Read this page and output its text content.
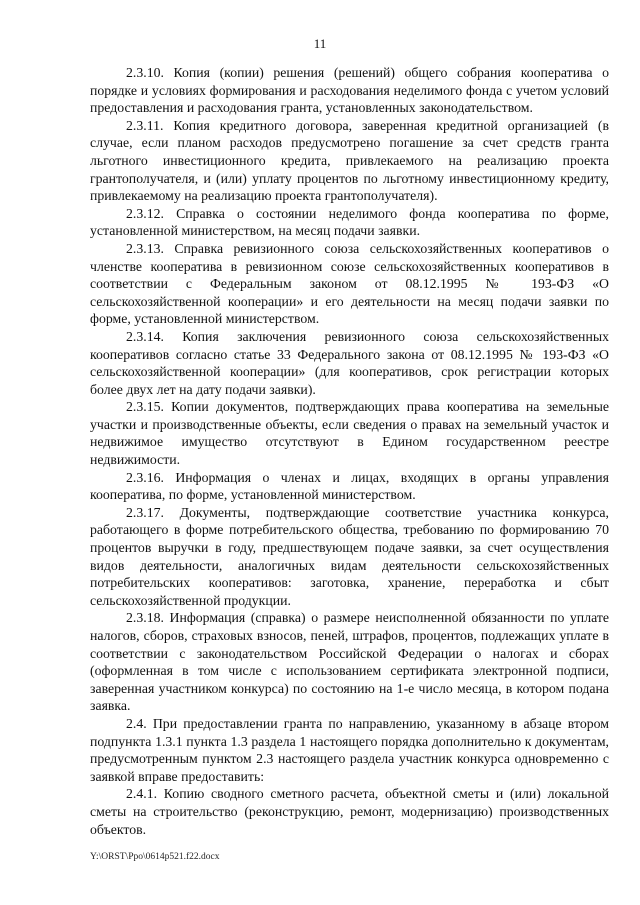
11

2.3.10. Копия (копии) решения (решений) общего собрания кооператива о порядке и условиях формирования и расходования неделимого фонда с учетом условий предоставления и расходования гранта, установленных законодательством.

2.3.11. Копия кредитного договора, заверенная кредитной организацией (в случае, если планом расходов предусмотрено погашение за счет средств гранта льготного инвестиционного кредита, привлекаемого на реализацию проекта грантополучателя, и (или) уплату процентов по льготному инвестиционному кредиту, привлекаемому на реализацию проекта грантополучателя).

2.3.12. Справка о состоянии неделимого фонда кооператива по форме, установленной министерством, на месяц подачи заявки.

2.3.13. Справка ревизионного союза сельскохозяйственных кооперативов о членстве кооператива в ревизионном союзе сельскохозяйственных кооперативов в соответствии с Федеральным законом от 08.12.1995 № 193-ФЗ «О сельскохозяйственной кооперации» и его деятельности на месяц подачи заявки по форме, установленной министерством.

2.3.14. Копия заключения ревизионного союза сельскохозяйственных кооперативов согласно статье 33 Федерального закона от 08.12.1995 № 193-ФЗ «О сельскохозяйственной кооперации» (для кооперативов, срок регистрации которых более двух лет на дату подачи заявки).

2.3.15. Копии документов, подтверждающих права кооператива на земельные участки и производственные объекты, если сведения о правах на земельный участок и недвижимое имущество отсутствуют в Едином государственном реестре недвижимости.

2.3.16. Информация о членах и лицах, входящих в органы управления кооператива, по форме, установленной министерством.

2.3.17. Документы, подтверждающие соответствие участника конкурса, работающего в форме потребительского общества, требованию по формированию 70 процентов выручки в году, предшествующем подаче заявки, за счет осуществления видов деятельности, аналогичных видам деятельности сельскохозяйственных потребительских кооперативов: заготовка, хранение, переработка и сбыт сельскохозяйственной продукции.

2.3.18. Информация (справка) о размере неисполненной обязанности по уплате налогов, сборов, страховых взносов, пеней, штрафов, процентов, подлежащих уплате в соответствии с законодательством Российской Федерации о налогах и сборах (оформленная в том числе с использованием сертификата электронной подписи, заверенная участником конкурса) по состоянию на 1-е число месяца, в котором подана заявка.

2.4. При предоставлении гранта по направлению, указанному в абзаце втором подпункта 1.3.1 пункта 1.3 раздела 1 настоящего порядка дополнительно к документам, предусмотренным пунктом 2.3 настоящего раздела участник конкурса одновременно с заявкой вправе предоставить:

2.4.1. Копию сводного сметного расчета, объектной сметы и (или) локальной сметы на строительство (реконструкцию, ремонт, модернизацию) производственных объектов.

Y:\ORST\Ppo\0614p521.f22.docx
